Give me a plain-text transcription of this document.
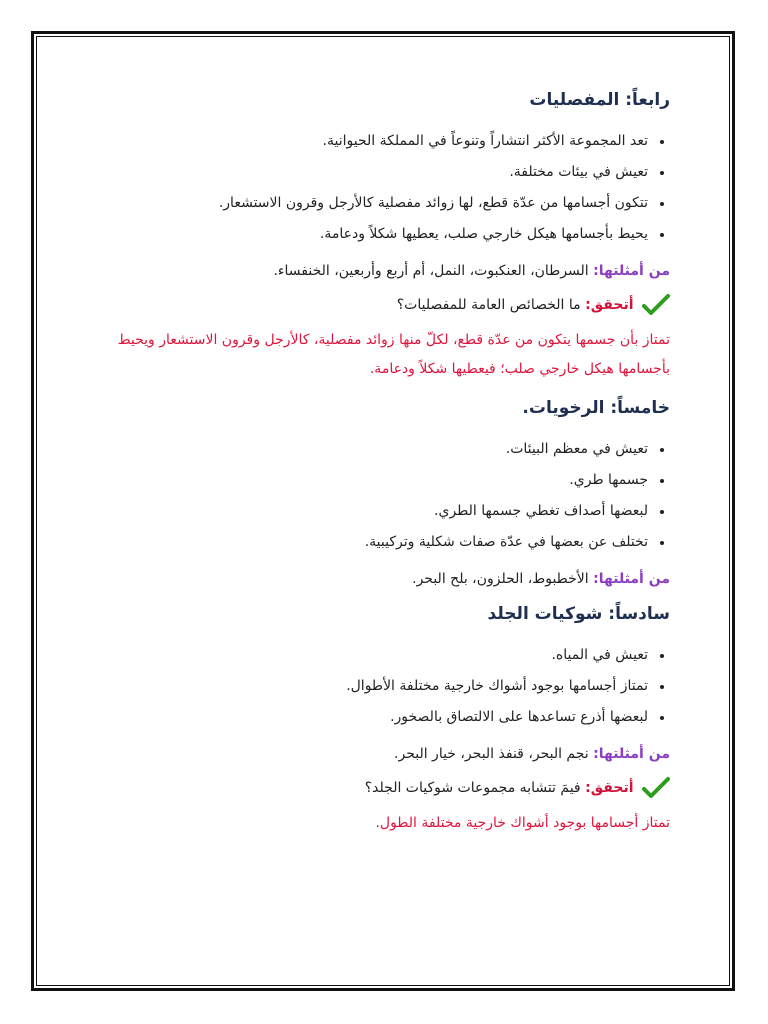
رابعاً: المفصليات
تعد المجموعة الأكثر انتشاراً وتنوعاً في المملكة الحيوانية.
تعيش في بيئات مختلفة.
تتكون أجسامها من عدّة قطع، لها زوائد مفصلية كالأرجل وقرون الاستشعار.
يحيط بأجسامها هيكل خارجي صلب، يعطيها شكلاً ودعامة.
من أمثلتها: السرطان، العنكبوت، النمل، أم أربع وأربعين، الخنفساء.
أتحقق: ما الخصائص العامة للمفصليات؟
تمتاز بأن جسمها يتكون من عدّة قطع، لكلّ منها زوائد مفصلية، كالأرجل وقرون الاستشعار ويحيط بأجسامها هيكل خارجي صلب؛ فيعطيها شكلاً ودعامة.
خامساً: الرخويات.
تعيش في معظم البيئات.
جسمها طري.
لبعضها أصداف تغطي جسمها الطري.
تختلف عن بعضها في عدّة صفات شكلية وتركيبية.
من أمثلتها: الأخطبوط، الحلزون، بلح البحر.
سادساً: شوكيات الجلد
تعيش في المياه.
تمتاز أجسامها بوجود أشواك خارجية مختلفة الأطوال.
لبعضها أذرع تساعدها على الالتصاق بالصخور.
من أمثلتها: نجم البحر، قنفذ البحر، خيار البحر.
أتحقق: فيمَ تتشابه مجموعات شوكيات الجلد؟
تمتاز أجسامها بوجود أشواك خارجية مختلفة الطول.
